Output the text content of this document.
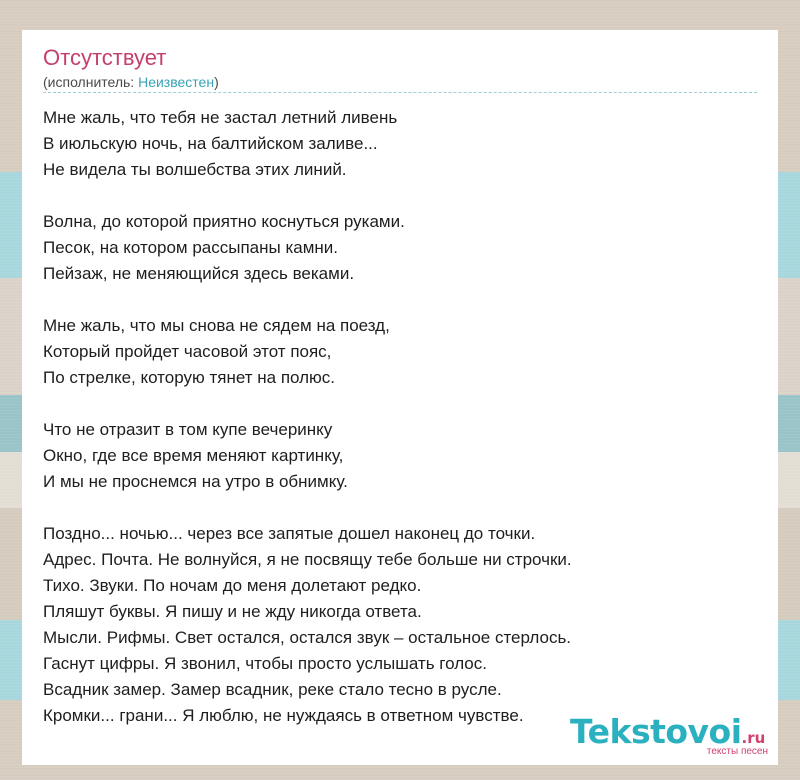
Отсутствует
(исполнитель: Неизвестен)
Мне жаль, что тебя не застал летний ливень
В июльскую ночь, на балтийском заливе...
Не видела ты волшебства этих линий.
Волна, до которой приятно коснуться руками.
Песок, на котором рассыпаны камни.
Пейзаж, не меняющийся здесь веками.
Мне жаль, что мы снова не сядем на поезд,
Который пройдет часовой этот пояс,
По стрелке, которую тянет на полюс.
Что не отразит в том купе вечеринку
Окно, где все время меняют картинку,
И мы не проснемся на утро в обнимку.
Поздно... ночью... через все запятые дошел наконец до точки.
Адрес. Почта. Не волнуйся, я не посвящу тебе больше ни строчки.
Тихо. Звуки. По ночам до меня долетают редко.
Пляшут буквы. Я пишу и не жду никогда ответа.
Мысли. Рифмы. Свет остался, остался звук – остальное стерлось.
Гаснут цифры. Я звонил, чтобы просто услышать голос.
Всадник замер. Замер всадник, реке стало тесно в русле.
Кромки... грани... Я люблю, не нуждаясь в ответном чувстве.	Tekstovoi.ru
тексты песен
